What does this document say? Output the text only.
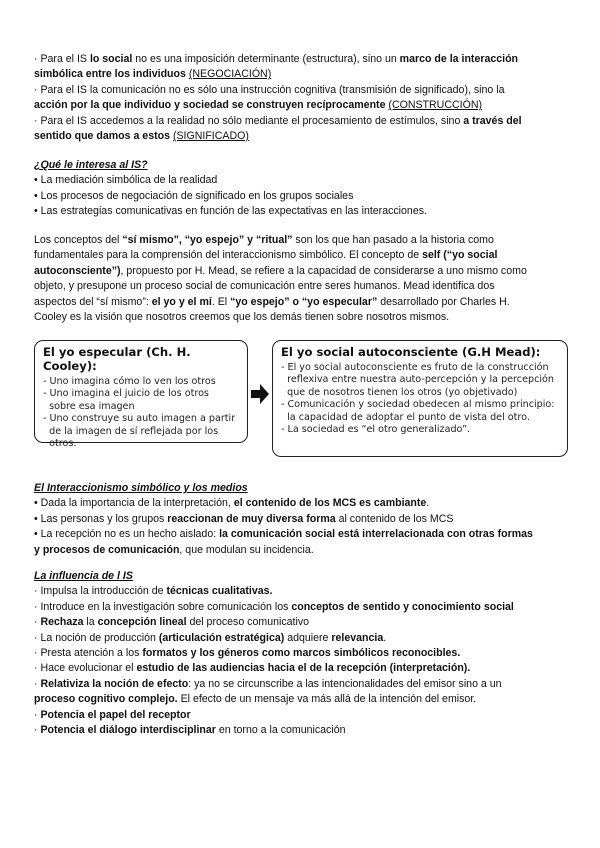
· Para el IS lo social no es una imposición determinante (estructura), sino un marco de la interacción
simbólica entre los individuos (NEGOCIACIÓN)
· Para el IS la comunicación no es sólo una instrucción cognitiva (transmisión de significado), sino la
acción por la que individuo y sociedad se construyen recíprocamente (CONSTRUCCIÓN)
· Para el IS accedemos a la realidad no sólo mediante el procesamiento de estímulos, sino a través del
sentido que damos a estos (SIGNIFICADO)
¿Qué le interesa al IS?
• La mediación simbólica de la realidad
• Los procesos de negociación de significado en los grupos sociales
• Las estrategias comunicativas en función de las expectativas en las interacciones.
Los conceptos del “sí mismo”, “yo espejo” y “ritual” son los que han pasado a la historia como
fundamentales para la comprensión del interaccionismo simbólico. El concepto de self (“yo social
autoconsciente”), propuesto por H. Mead, se refiere a la capacidad de considerarse a uno mismo como
objeto, y presupone un proceso social de comunicación entre seres humanos. Mead identifica dos
aspectos del “sí mismo”: el yo y el mí. El “yo espejo” o “yo especular” desarrollado por Charles H.
Cooley es la visión que nosotros creemos que los demás tienen sobre nosotros mismos.
El yo especular (Ch. H. Cooley):
- Uno imagina cómo lo ven los otros
- Uno imagina el juicio de los otros
sobre esa imagen
- Uno construye su auto imagen a partir
de la imagen de sí reflejada por los
otros.
El yo social autoconsciente (G.H Mead):
- El yo social autoconsciente es fruto de la construcción
reflexiva entre nuestra auto-percepción y la percepción
que de nosotros tienen los otros (yo objetivado)
- Comunicación y sociedad obedecen al mismo principio:
la capacidad de adoptar el punto de vista del otro.
- La sociedad es “el otro generalizado”.
El Interaccionismo simbólico y los medios
• Dada la importancia de la interpretación, el contenido de los MCS es cambiante.
• Las personas y los grupos reaccionan de muy diversa forma al contenido de los MCS
• La recepción no es un hecho aislado: la comunicación social está interrelacionada con otras formas
y procesos de comunicación, que modulan su incidencia.
La influencia de l IS
· Impulsa la introducción de técnicas cualitativas.
· Introduce en la investigación sobre comunicación los conceptos de sentido y conocimiento social
· Rechaza la concepción lineal del proceso comunicativo
· La noción de producción (articulación estratégica) adquiere relevancia.
· Presta atención a los formatos y los géneros como marcos simbólicos reconocibles.
· Hace evolucionar el estudio de las audiencias hacia el de la recepción (interpretación).
· Relativiza la noción de efecto: ya no se circunscribe a las intencionalidades del emisor sino a un
proceso cognitivo complejo. El efecto de un mensaje va más allá de la intención del emisor.
· Potencia el papel del receptor
· Potencia el diálogo interdisciplinar en torno a la comunicación
